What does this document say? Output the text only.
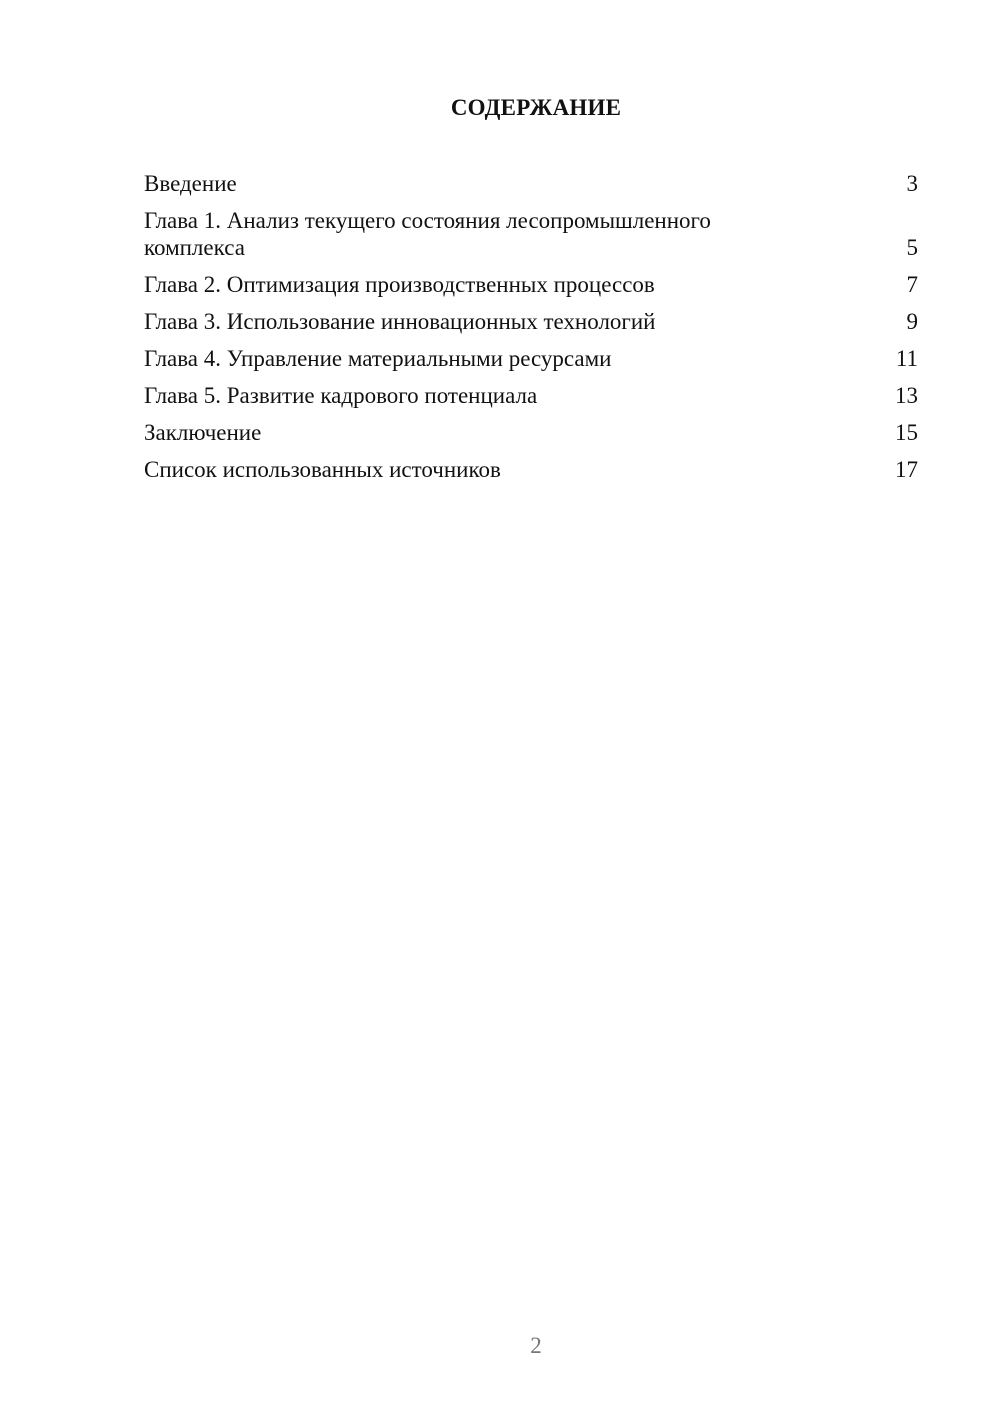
СОДЕРЖАНИЕ
Введение	3
Глава 1. Анализ текущего состояния лесопромышленного комплекса	5
Глава 2. Оптимизация производственных процессов	7
Глава 3. Использование инновационных технологий	9
Глава 4. Управление материальными ресурсами	11
Глава 5. Развитие кадрового потенциала	13
Заключение	15
Список использованных источников	17
2
